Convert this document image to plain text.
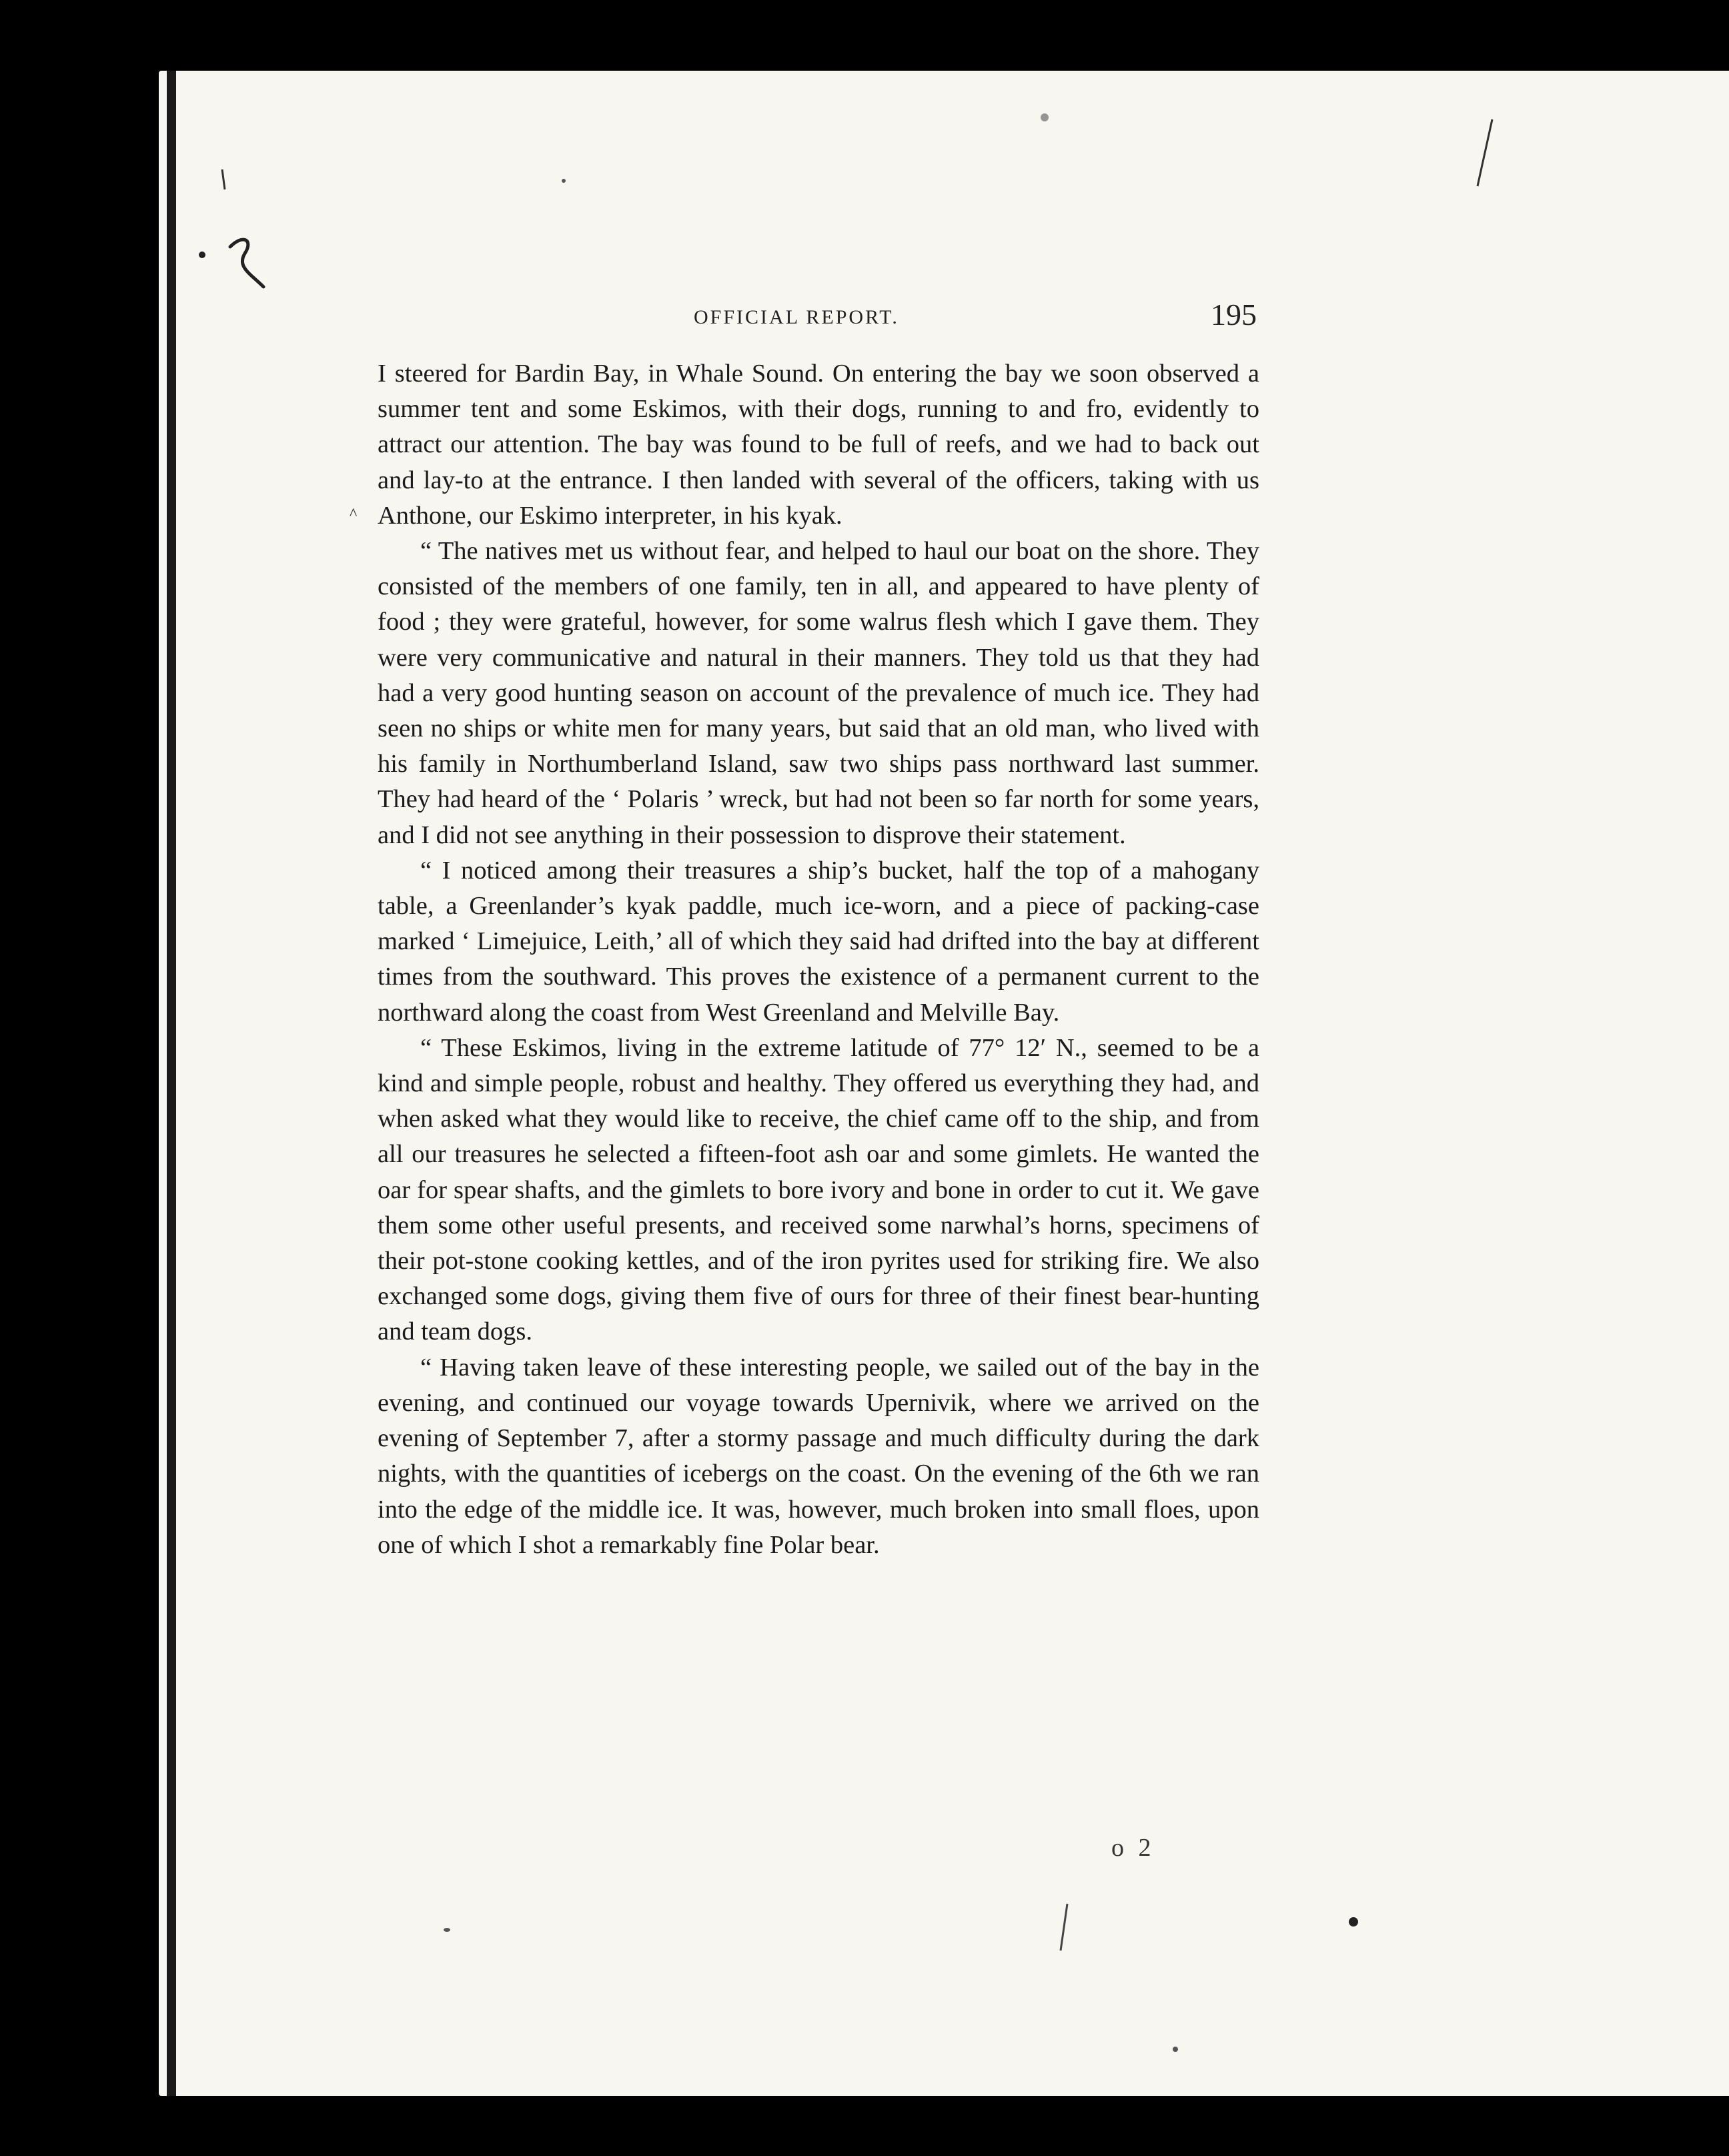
^
OFFICIAL REPORT.	195

I steered for Bardin Bay, in Whale Sound. On entering the bay we soon observed a summer tent and some Eskimos, with their dogs, running to and fro, evidently to attract our attention. The bay was found to be full of reefs, and we had to back out and lay-to at the entrance. I then landed with several of the officers, taking with us Anthone, our Eskimo interpreter, in his kyak.

“ The natives met us without fear, and helped to haul our boat on the shore. They consisted of the members of one family, ten in all, and appeared to have plenty of food ; they were grateful, however, for some walrus flesh which I gave them. They were very communicative and natural in their manners. They told us that they had had a very good hunting season on account of the prevalence of much ice. They had seen no ships or white men for many years, but said that an old man, who lived with his family in Northumberland Island, saw two ships pass northward last summer. They had heard of the ‘ Polaris ’ wreck, but had not been so far north for some years, and I did not see anything in their possession to disprove their statement.

“ I noticed among their treasures a ship’s bucket, half the top of a mahogany table, a Greenlander’s kyak paddle, much ice-worn, and a piece of packing-case marked ‘ Limejuice, Leith,’ all of which they said had drifted into the bay at different times from the southward. This proves the existence of a permanent current to the northward along the coast from West Greenland and Melville Bay.

“ These Eskimos, living in the extreme latitude of 77° 12′ N., seemed to be a kind and simple people, robust and healthy. They offered us everything they had, and when asked what they would like to receive, the chief came off to the ship, and from all our treasures he selected a fifteen-foot ash oar and some gimlets. He wanted the oar for spear shafts, and the gimlets to bore ivory and bone in order to cut it. We gave them some other useful presents, and received some narwhal’s horns, specimens of their pot-stone cooking kettles, and of the iron pyrites used for striking fire. We also exchanged some dogs, giving them five of ours for three of their finest bear-hunting and team dogs.

“ Having taken leave of these interesting people, we sailed out of the bay in the evening, and continued our voyage towards Upernivik, where we arrived on the evening of September 7, after a stormy passage and much difficulty during the dark nights, with the quantities of icebergs on the coast. On the evening of the 6th we ran into the edge of the middle ice. It was, however, much broken into small floes, upon one of which I shot a remarkably fine Polar bear.

o 2
